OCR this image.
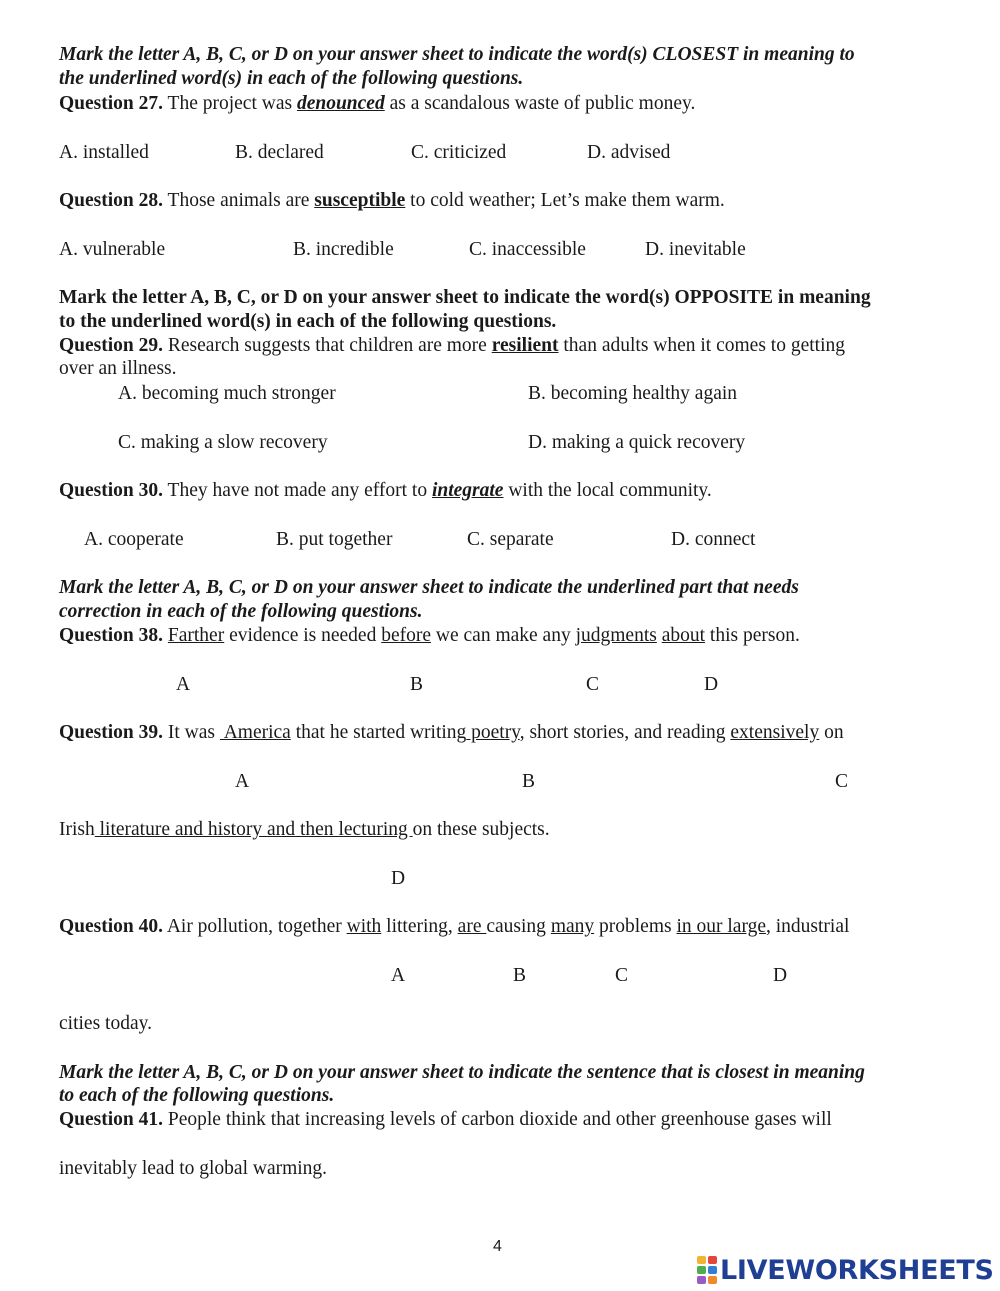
Mark the letter A, B, C, or D on your answer sheet to indicate the word(s) CLOSEST in meaning to
the underlined word(s) in each of the following questions.
Question 27. The project was denounced as a scandalous waste of public money.
A. installed	B. declared	C. criticized	D. advised
Question 28. Those animals are susceptible to cold weather; Let’s make them warm.
A. vulnerable	B. incredible	C. inaccessible	D. inevitable
Mark the letter A, B, C, or D on your answer sheet to indicate the word(s) OPPOSITE in meaning
to the underlined word(s) in each of the following questions.
Question 29. Research suggests that children are more resilient than adults when it comes to getting
over an illness.
A. becoming much stronger	B. becoming healthy again
C. making a slow recovery	D. making a quick recovery
Question 30. They have not made any effort to integrate with the local community.
A. cooperate	B. put together	C. separate	D. connect
Mark the letter A, B, C, or D on your answer sheet to indicate the underlined part that needs
correction in each of the following questions.
Question 38. Farther evidence is needed before we can make any judgments about this person.
A	B	C	D
Question 39. It was  America that he started writing poetry, short stories, and reading extensively on
A	B	C
Irish literature and history and then lecturing on these subjects.
D
Question 40. Air pollution, together with littering, are causing many problems in our large, industrial
A	B	C	D
cities today.
Mark the letter A, B, C, or D on your answer sheet to indicate the sentence that is closest in meaning
to each of the following questions.
Question 41. People think that increasing levels of carbon dioxide and other greenhouse gases will
inevitably lead to global warming.
4
LIVEWORKSHEETS
